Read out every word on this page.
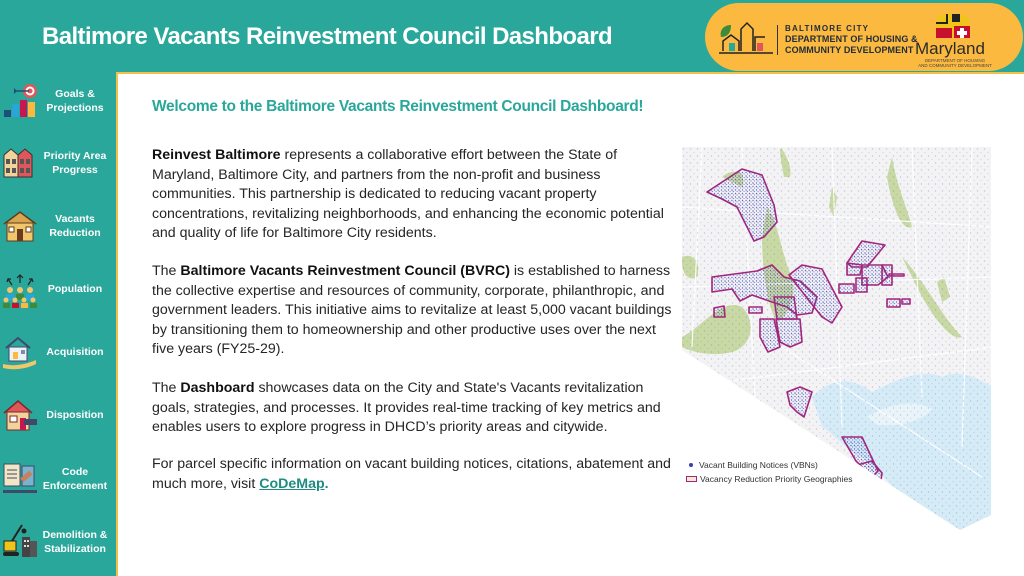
Baltimore Vacants Reinvestment Council Dashboard	BALTIMORE CITY
DEPARTMENT OF HOUSING &
COMMUNITY DEVELOPMENT Maryland
DEPARTMENT OF HOUSING
AND COMMUNITY DEVELOPMENT
Goals &
Projections
Priority Area
Progress
Vacants
Reduction
Population
Acquisition
Disposition
Code
Enforcement
Demolition &
Stabilization
Welcome to the Baltimore Vacants Reinvestment Council Dashboard!

Reinvest Baltimore represents a collaborative effort between the State of Maryland, Baltimore City, and partners from the non-profit and business communities. This partnership is dedicated to reducing vacant property concentrations, revitalizing neighborhoods, and enhancing the economic potential and quality of life for Baltimore City residents.

The Baltimore Vacants Reinvestment Council (BVRC) is established to harness the collective expertise and resources of community, corporate, philanthropic, and government leaders. This initiative aims to revitalize at least 5,000 vacant buildings by transitioning them to homeownership and other productive uses over the next five years (FY25-29).

The Dashboard showcases data on the City and State's Vacants revitalization goals, strategies, and processes. It provides real-time tracking of key metrics and enables users to explore progress in DHCD’s priority areas and citywide.

For parcel specific information on vacant building notices, citations, abatement and much more, visit CoDeMap.

Vacant Building Notices (VBNs)
Vacancy Reduction Priority Geographies
